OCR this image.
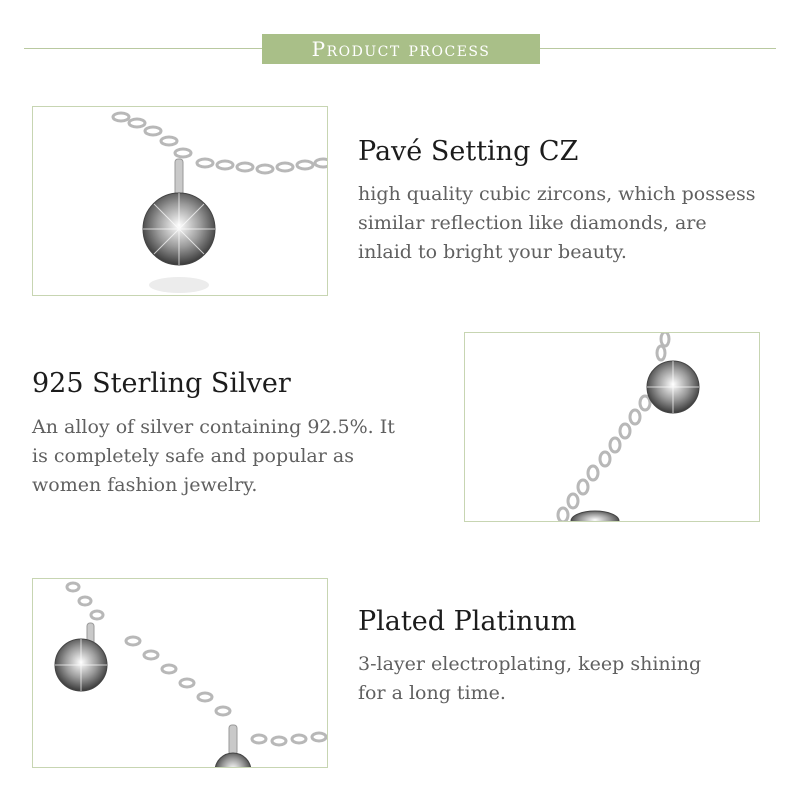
Product process
Pavé Setting CZ
high quality cubic zircons, which possess
similar reflection like diamonds, are
inlaid to bright your beauty.
925 Sterling Silver
An alloy of silver containing 92.5%. It
is completely safe and popular as
women fashion jewelry.
Plated Platinum
3-layer electroplating, keep shining
for a long time.
